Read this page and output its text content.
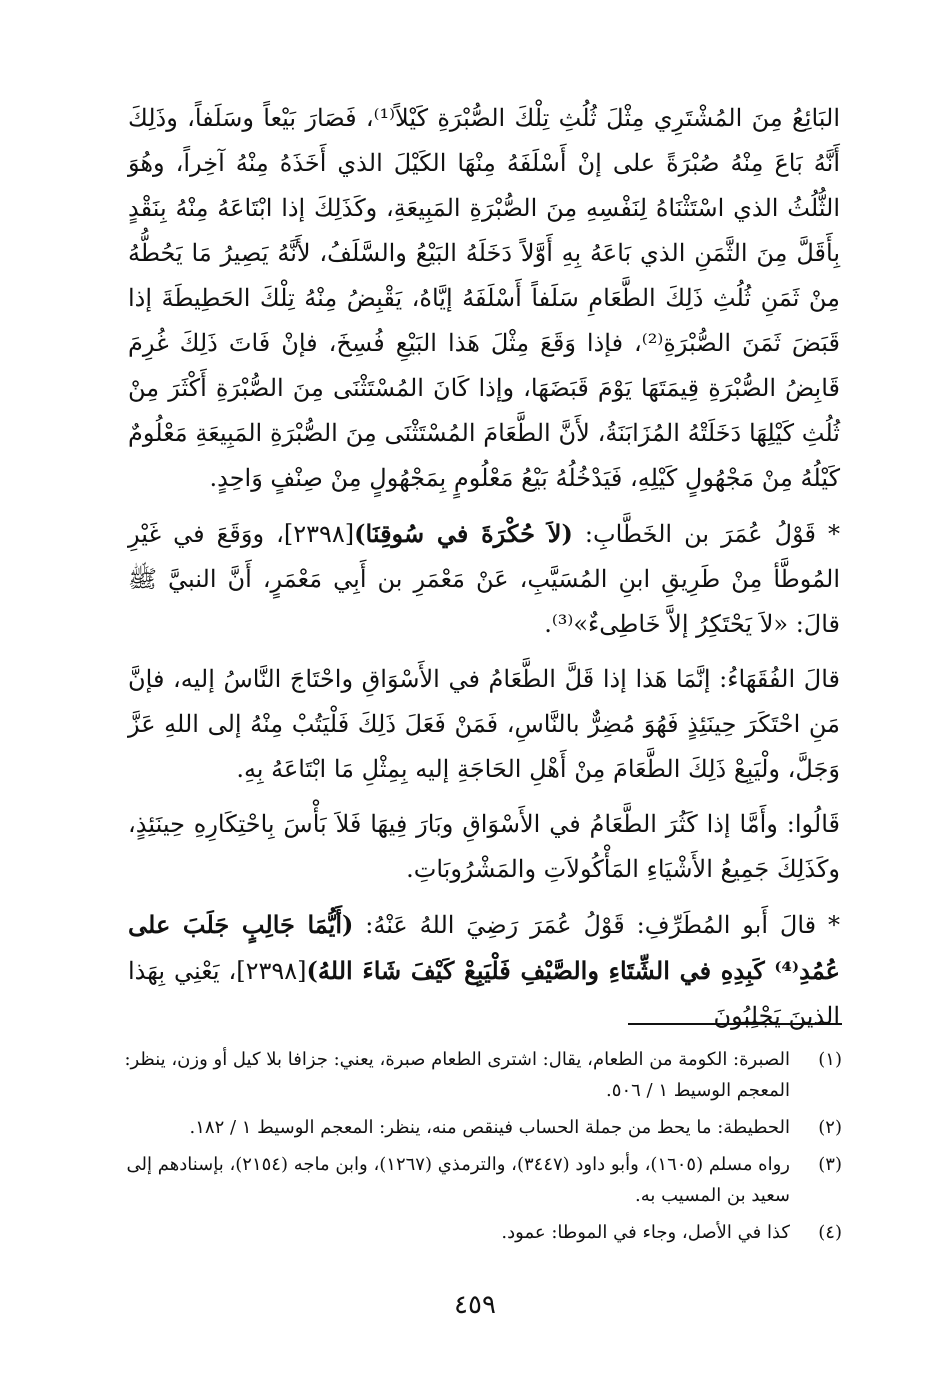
البَائِعُ مِنَ المُشْتَرِي مِثْلَ ثُلُثِ تِلْكَ الصُّبْرَةِ كَيْلاً⁽¹⁾، فَصَارَ بَيْعاً وسَلَفاً، وذَلِكَ أَنَّهُ بَاعَ مِنْهُ صُبْرَةً على إنْ أَسْلَفَهُ مِنْهَا الكَيْلَ الذي أَخَذَهُ مِنْهُ آخِراً، وهُوَ الثُّلُثُ الذي اسْتَثْنَاهُ لِنَفْسِهِ مِنَ الصُّبْرَةِ المَبِيعَةِ، وكَذَلِكَ إذا ابْتَاعَهُ مِنْهُ بِنَقْدٍ بِأَقَلَّ مِنَ الثَّمَنِ الذي بَاعَهُ بِهِ أَوَّلاً دَخَلَهُ البَيْعُ والسَّلَفُ، لأَنَّهُ يَصِيرُ مَا يَحُطُّهُ مِنْ ثَمَنِ ثُلُثِ ذَلِكَ الطَّعَامِ سَلَفاً أَسْلَفَهُ إيَّاهُ، يَقْبِضُ مِنْهُ تِلْكَ الحَطِيطَةَ إذا قَبَضَ ثَمَنَ الصُّبْرَةِ⁽²⁾، فإذا وَقَعَ مِثْلَ هَذا البَيْعِ فُسِخَ، فإنْ فَاتَ ذَلِكَ غُرِمَ قَابِضُ الصُّبْرَةِ قِيمَتَهَا يَوْمَ قَبَضَهَا، وإذا كَانَ المُسْتَثْنَى مِنَ الصُّبْرَةِ أَكْثَرَ مِنْ ثُلُثِ كَيْلِهَا دَخَلَتْهُ المُزَابَنَةُ، لأَنَّ الطَّعَامَ المُسْتَثْنَى مِنَ الصُّبْرَةِ المَبِيعَةِ مَعْلُومٌ كَيْلُهُ مِنْ مَجْهُولٍ كَيْلِهِ، فَيَدْخُلُهُ بَيْعُ مَعْلُومٍ بِمَجْهُولٍ مِنْ صِنْفٍ وَاحِدٍ.

* قَوْلُ عُمَرَ بن الخَطَّابِ: (لاَ حُكْرَةَ في سُوقِنَا)[٢٣٩٨]، ووَقَعَ في غَيْرِ المُوطَّأ مِنْ طَرِيقِ ابنِ المُسَيَّبِ، عَنْ مَعْمَرِ بن أَبِي مَعْمَرٍ، أَنَّ النبيَّ ﷺ قالَ: «لاَ يَحْتَكِرُ إلاَّ خَاطِىءٌ»⁽³⁾.

قالَ الفُقَهَاءُ: إنَّمَا هَذا إذا قَلَّ الطَّعَامُ في الأَسْوَاقِ واحْتَاجَ النَّاسُ إليه، فإنَّ مَنِ احْتَكَرَ حِينَئِذٍ فَهُوَ مُضِرٌّ بالنَّاسِ، فَمَنْ فَعَلَ ذَلِكَ فَلْيَتُبْ مِنْهُ إلى اللهِ عَزَّ وَجَلَّ، ولْيَبِعْ ذَلِكَ الطَّعَامَ مِنْ أَهْلِ الحَاجَةِ إليه بِمِثْلِ مَا ابْتَاعَهُ بِهِ.

قَالُوا: وأَمَّا إذا كَثُرَ الطَّعَامُ في الأَسْوَاقِ وبَارَ فِيهَا فَلاَ بَأْسَ بِاحْتِكَارِهِ حِينَئِذٍ، وكَذَلِكَ جَمِيعُ الأَشْيَاءِ المَأْكُولاَتِ والمَشْرُوبَاتِ.

* قالَ أَبو المُطَرِّفِ: قَوْلُ عُمَرَ رَضِيَ اللهُ عَنْهُ: (أَيُّمَا جَالِبٍ جَلَبَ على عُمُدِ⁽⁴⁾ كَبِدِهِ في الشِّتَاءِ والصَّيْفِ فَلْيَبِعْ كَيْفَ شَاءَ اللهُ)[٢٣٩٨]، يَعْنِي بِهَذا الذينَ يَجْلِبُونَ

(١)
الصبرة: الكومة من الطعام، يقال: اشترى الطعام صبرة، يعني: جزافا بلا كيل أو وزن، ينظر: المعجم الوسيط ١ / ٥٠٦.
(٢)
الحطيطة: ما يحط من جملة الحساب فينقص منه، ينظر: المعجم الوسيط ١ / ١٨٢.
(٣)
رواه مسلم (١٦٠٥)، وأبو داود (٣٤٤٧)، والترمذي (١٢٦٧)، وابن ماجه (٢١٥٤)، بإسنادهم إلى سعيد بن المسيب به.
(٤)
كذا في الأصل، وجاء في الموطا: عمود.
٤٥٩
